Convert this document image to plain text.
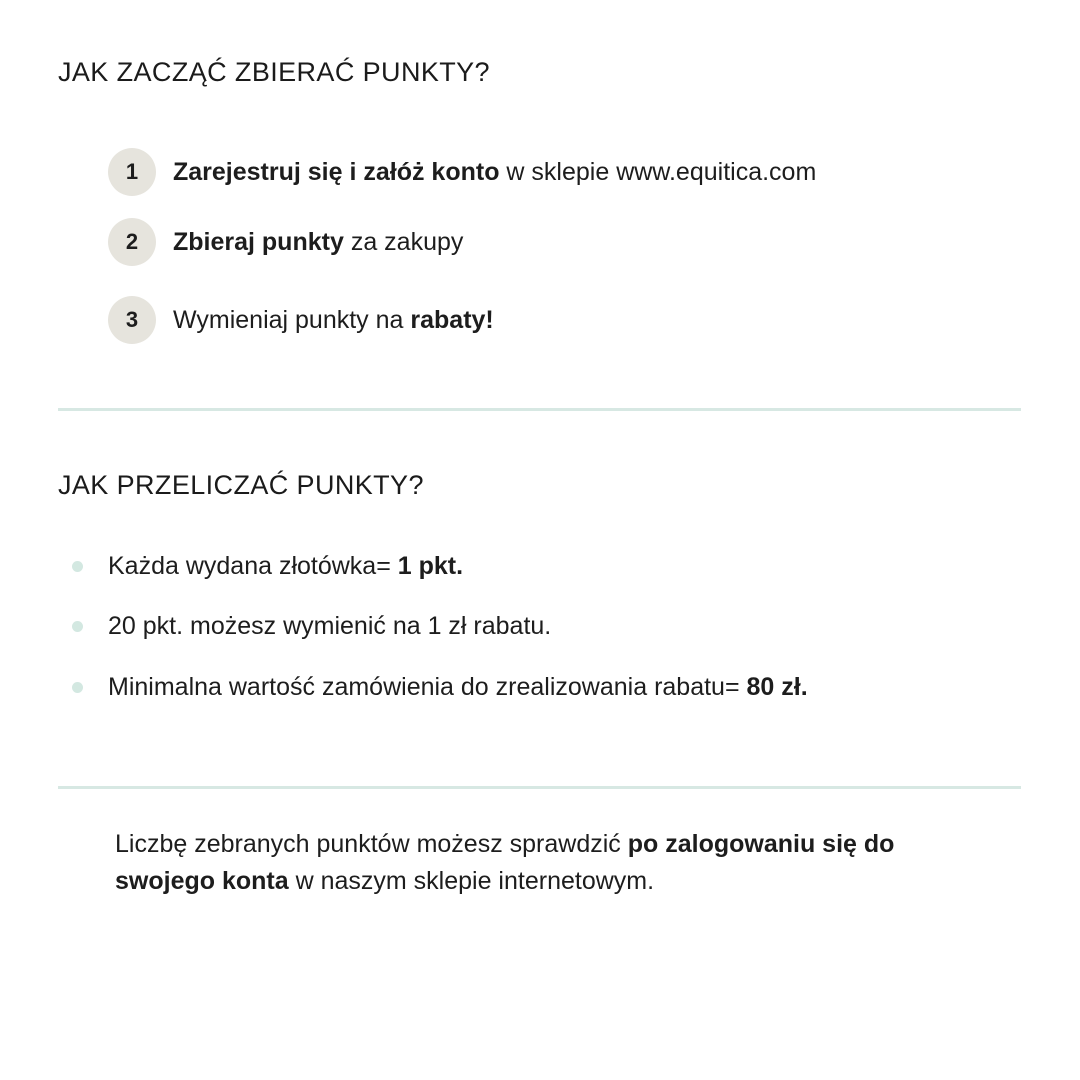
JAK ZACZĄĆ ZBIERAĆ PUNKTY?
1	Zarejestruj się i załóż konto w sklepie www.equitica.com
2	Zbieraj punkty za zakupy
3	Wymieniaj punkty na rabaty!
JAK PRZELICZAĆ PUNKTY?
Każda wydana złotówka= 1 pkt.
20 pkt. możesz wymienić na 1 zł rabatu.
Minimalna wartość zamówienia do zrealizowania rabatu= 80 zł.

Liczbę zebranych punktów możesz sprawdzić po zalogowaniu się do swojego konta w naszym sklepie internetowym.
